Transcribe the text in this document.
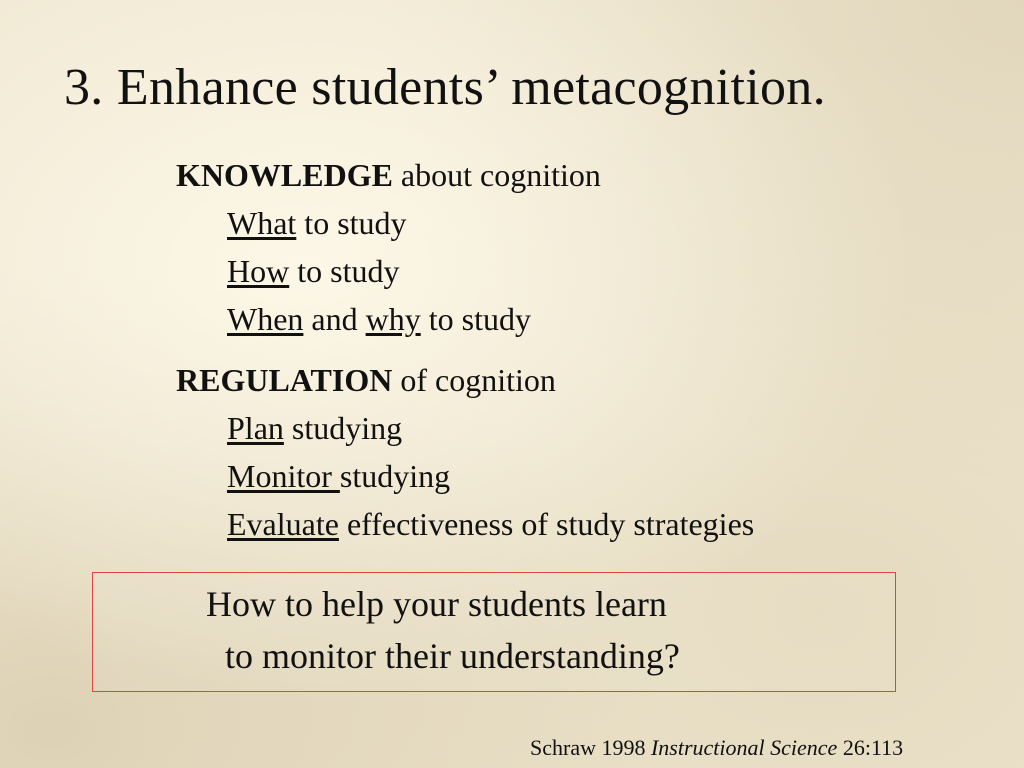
3. Enhance students’ metacognition.
KNOWLEDGE about cognition
What to study
How to study
When and why to study
REGULATION of cognition
Plan studying
Monitor studying
Evaluate effectiveness of study strategies
How to help your students learn
to monitor their understanding?
Schraw 1998 Instructional Science 26:113
